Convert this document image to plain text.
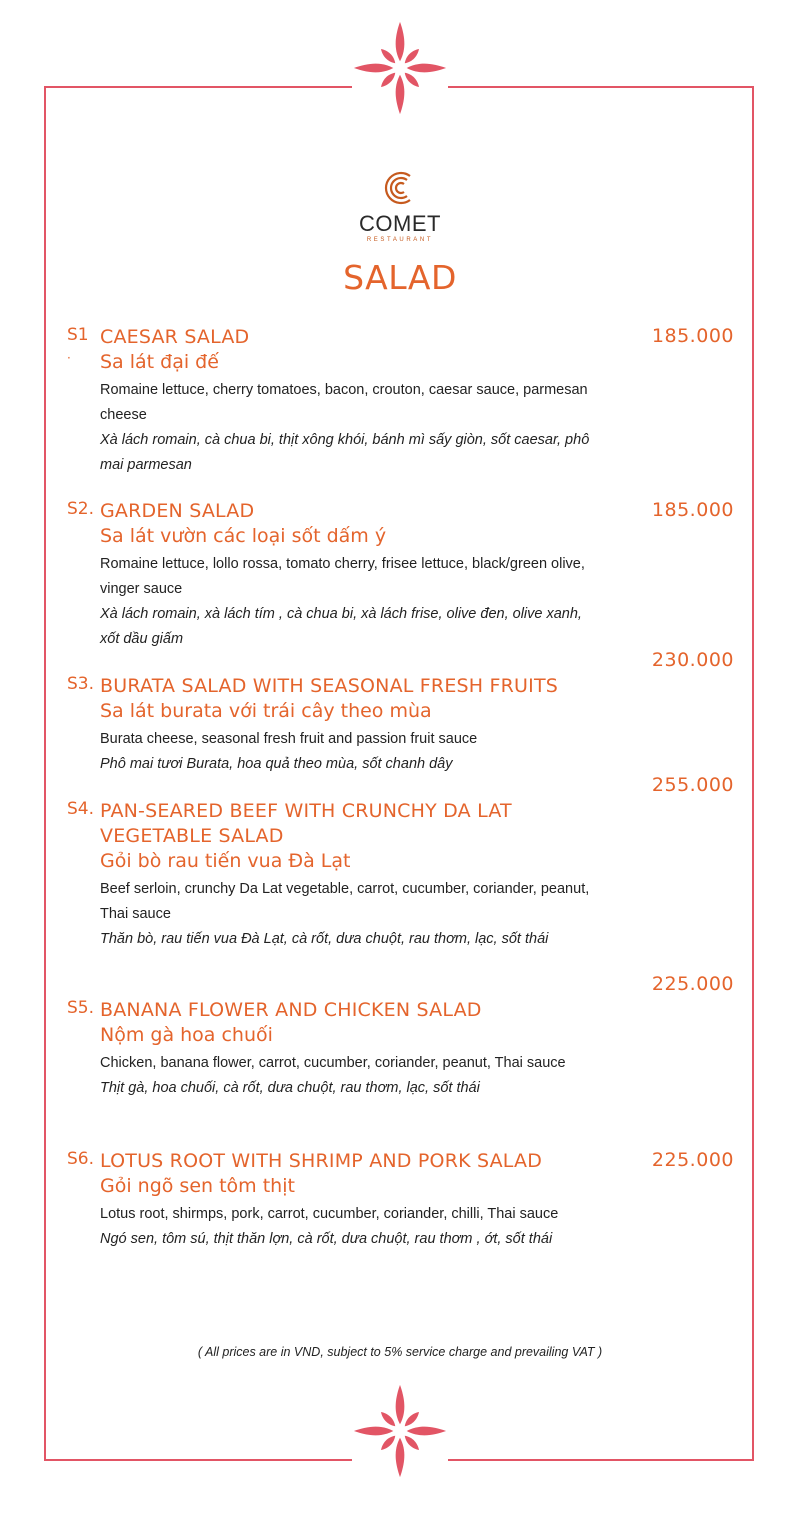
COMET
RESTAURANT
SALAD
S1
·
185.000
CAESAR SALAD
Sa lát đại đế
Romaine lettuce, cherry tomatoes, bacon, crouton, caesar sauce, parmesan cheese
Xà lách romain, cà chua bi, thịt xông khói, bánh mì sấy giòn, sốt caesar, phô mai parmesan
S2.	185.000
GARDEN SALAD
Sa lát vườn các loại sốt dấm ý
Romaine lettuce, lollo rossa, tomato cherry, frisee lettuce, black/green olive, vinger sauce
Xà lách romain, xà lách tím , cà chua bi, xà lách frise, olive đen, olive xanh, xốt dầu giấm
S3.
230.000
BURATA SALAD WITH SEASONAL FRESH FRUITS
Sa lát burata với trái cây theo mùa
Burata cheese, seasonal fresh fruit and passion fruit sauce
Phô mai tươi Burata, hoa quả theo mùa, sốt chanh dây
S4.
255.000
PAN-SEARED BEEF WITH CRUNCHY DA LAT VEGETABLE SALAD
Gỏi bò rau tiến vua Đà Lạt
Beef serloin, crunchy Da Lat vegetable, carrot, cucumber, coriander, peanut, Thai sauce
Thăn bò, rau tiến vua Đà Lạt, cà rốt, dưa chuột, rau thơm, lạc, sốt thái
S5.
225.000
BANANA FLOWER AND CHICKEN SALAD
Nộm gà hoa chuối
Chicken, banana flower, carrot, cucumber, coriander, peanut, Thai sauce
Thịt gà, hoa chuối, cà rốt, dưa chuột, rau thơm, lạc, sốt thái
S6.	225.000
LOTUS ROOT WITH SHRIMP AND PORK SALAD
Gỏi ngõ sen tôm thịt
Lotus root, shirmps, pork, carrot, cucumber, coriander, chilli, Thai sauce
Ngó sen, tôm sú, thịt thăn lợn, cà rốt, dưa chuột, rau thơm , ớt, sốt thái
( All prices are in VND, subject to 5% service charge and prevailing VAT )
